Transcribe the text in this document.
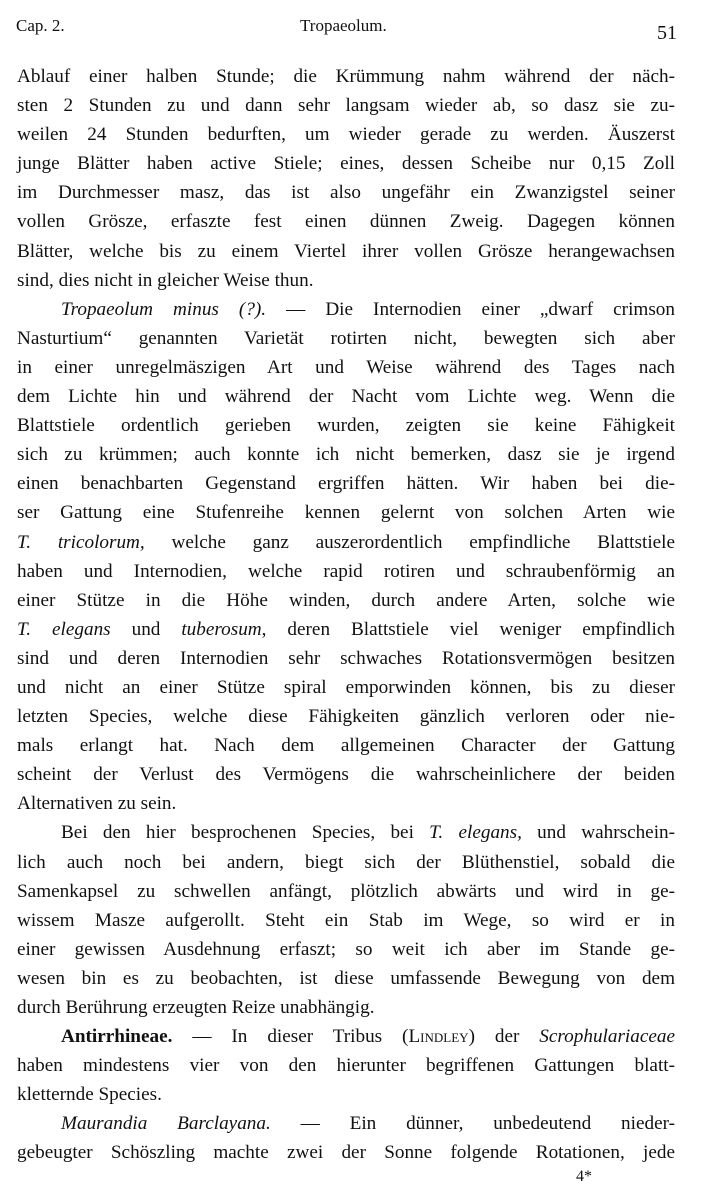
Cap. 2.	Tropaeolum.	51
Ablauf einer halben Stunde; die Krümmung nahm während der näch-
sten 2 Stunden zu und dann sehr langsam wieder ab, so dasz sie zu-
weilen 24 Stunden bedurften, um wieder gerade zu werden. Äuszerst
junge Blätter haben active Stiele; eines, dessen Scheibe nur 0,15 Zoll
im Durchmesser masz, das ist also ungefähr ein Zwanzigstel seiner
vollen Grösze, erfaszte fest einen dünnen Zweig. Dagegen können
Blätter, welche bis zu einem Viertel ihrer vollen Grösze herangewachsen
sind, dies nicht in gleicher Weise thun.
Tropaeolum minus (?). — Die Internodien einer „dwarf crimson
Nasturtium“ genannten Varietät rotirten nicht, bewegten sich aber
in einer unregelmäszigen Art und Weise während des Tages nach
dem Lichte hin und während der Nacht vom Lichte weg. Wenn die
Blattstiele ordentlich gerieben wurden, zeigten sie keine Fähigkeit
sich zu krümmen; auch konnte ich nicht bemerken, dasz sie je irgend
einen benachbarten Gegenstand ergriffen hätten. Wir haben bei die-
ser Gattung eine Stufenreihe kennen gelernt von solchen Arten wie
T. tricolorum, welche ganz auszerordentlich empfindliche Blattstiele
haben und Internodien, welche rapid rotiren und schraubenförmig an
einer Stütze in die Höhe winden, durch andere Arten, solche wie
T. elegans und tuberosum, deren Blattstiele viel weniger empfindlich
sind und deren Internodien sehr schwaches Rotationsvermögen besitzen
und nicht an einer Stütze spiral emporwinden können, bis zu dieser
letzten Species, welche diese Fähigkeiten gänzlich verloren oder nie-
mals erlangt hat. Nach dem allgemeinen Character der Gattung
scheint der Verlust des Vermögens die wahrscheinlichere der beiden
Alternativen zu sein.
Bei den hier besprochenen Species, bei T. elegans, und wahrschein-
lich auch noch bei andern, biegt sich der Blüthenstiel, sobald die
Samenkapsel zu schwellen anfängt, plötzlich abwärts und wird in ge-
wissem Masze aufgerollt. Steht ein Stab im Wege, so wird er in
einer gewissen Ausdehnung erfaszt; so weit ich aber im Stande ge-
wesen bin es zu beobachten, ist diese umfassende Bewegung von dem
durch Berührung erzeugten Reize unabhängig.
Antirrhineae. — In dieser Tribus (Lindley) der Scrophulariaceae
haben mindestens vier von den hierunter begriffenen Gattungen blatt-
kletternde Species.
Maurandia Barclayana. — Ein dünner, unbedeutend nieder-
gebeugter Schöszling machte zwei der Sonne folgende Rotationen, jede
4*
